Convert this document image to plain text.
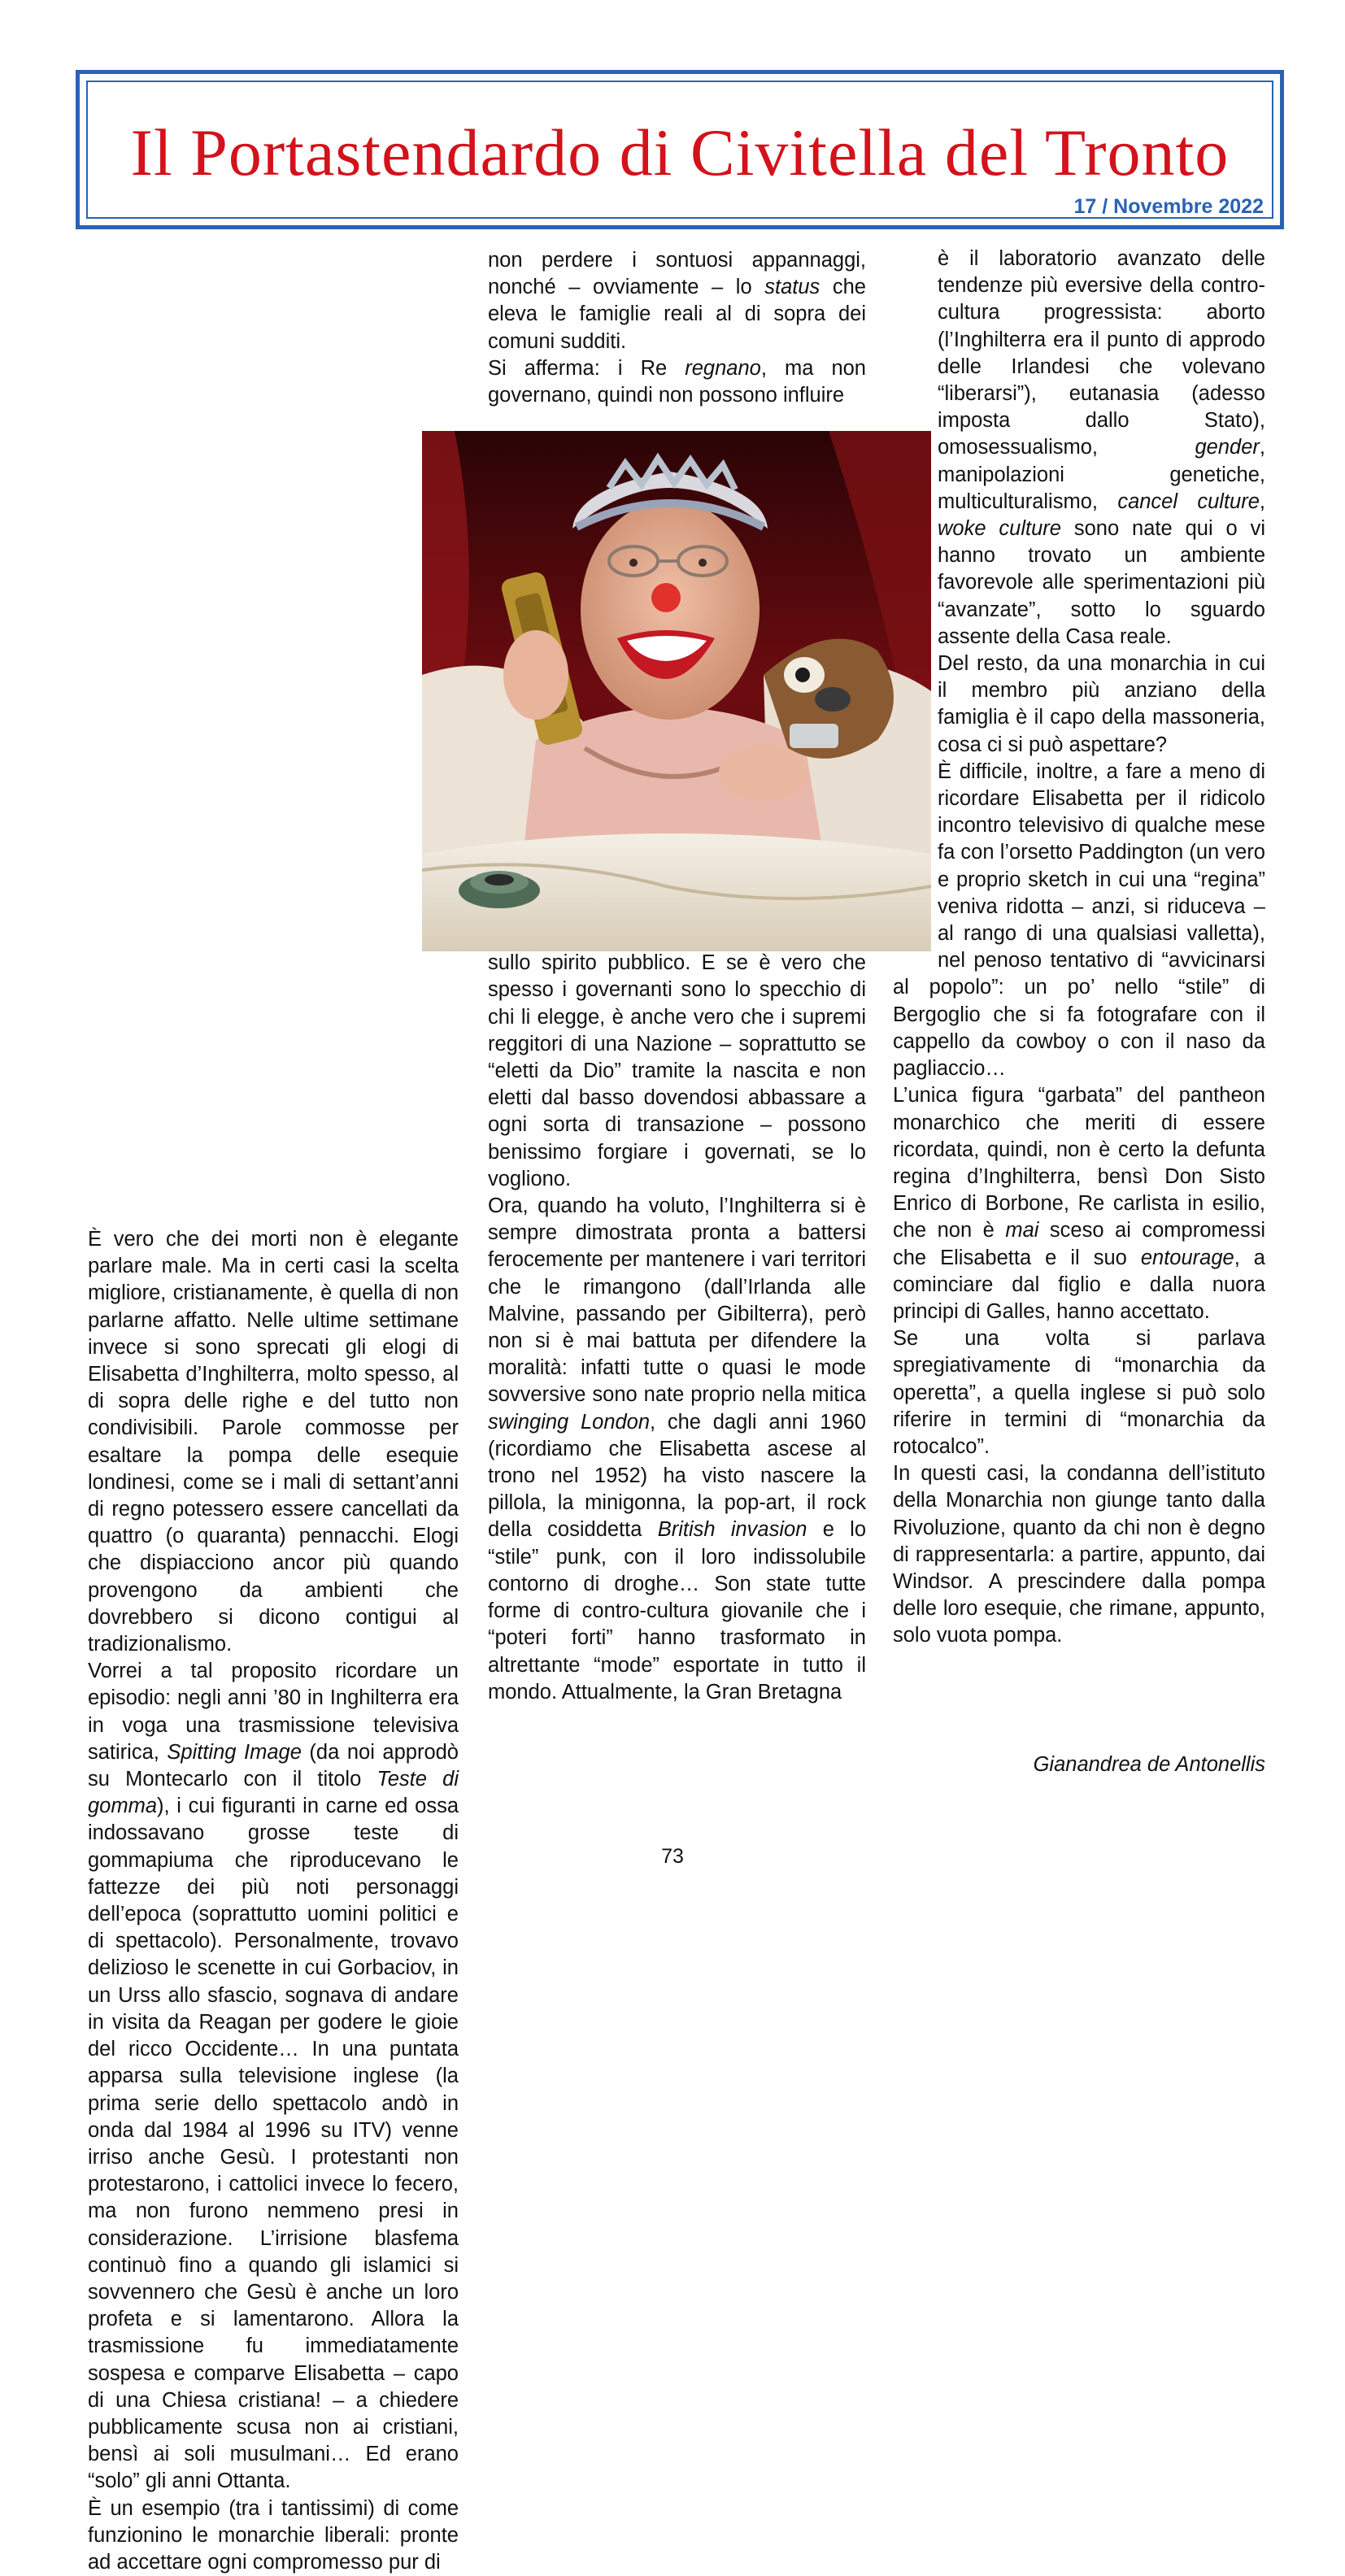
Il Portastendardo di Civitella del Tronto
17 / Novembre 2022

È vero che dei morti non è elegante parlare male. Ma in certi casi la scelta migliore, cristianamente, è quella di non parlarne affatto. Nelle ultime settimane invece si sono sprecati gli elogi di Elisabetta d’Inghilterra, molto spesso, al di sopra delle righe e del tutto non condivisibili. Parole commosse per esaltare la pompa delle esequie londinesi, come se i mali di settant’anni di regno potessero essere cancellati da quattro (o quaranta) pennacchi. Elogi che dispiacciono ancor più quando provengono da ambienti che dovrebbero si dicono contigui al tradizionalismo.

Vorrei a tal proposito ricordare un episodio: negli anni ’80 in Inghilterra era in voga una trasmissione televisiva satirica, Spitting Image (da noi approdò su Montecarlo con il titolo Teste di gomma), i cui figuranti in carne ed ossa indossavano grosse teste di gommapiuma che riproducevano le fattezze dei più noti personaggi dell’epoca (soprattutto uomini politici e di spettacolo). Personalmente, trovavo delizioso le scenette in cui Gorbaciov, in un Urss allo sfascio, sognava di andare in visita da Reagan per godere le gioie del ricco Occidente… In una puntata apparsa sulla televisione inglese (la prima serie dello spettacolo andò in onda dal 1984 al 1996 su ITV) venne irriso anche Gesù. I protestanti non protestarono, i cattolici invece lo fecero, ma non furono nemmeno presi in considerazione. L’irrisione blasfema continuò fino a quando gli islamici si sovvennero che Gesù è anche un loro profeta e si lamentarono. Allora la trasmissione fu immediatamente sospesa e comparve Elisabetta – capo di una Chiesa cristiana! – a chiedere pubblicamente scusa non ai cristiani, bensì ai soli musulmani… Ed erano “solo” gli anni Ottanta.

È un esempio (tra i tantissimi) di come funzionino le monarchie liberali: pronte ad accettare ogni compromesso pur di

non perdere i sontuosi appannaggi, nonché – ovviamente – lo status che eleva le famiglie reali al di sopra dei comuni sudditi.

Si afferma: i Re regnano, ma non governano, quindi non possono influire

sullo spirito pubblico. E se è vero che spesso i governanti sono lo specchio di chi li elegge, è anche vero che i supremi reggitori di una Nazione – soprattutto se “eletti da Dio” tramite la nascita e non eletti dal basso dovendosi abbassare a ogni sorta di transazione – possono benissimo forgiare i governati, se lo vogliono.

Ora, quando ha voluto, l’Inghilterra si è sempre dimostrata pronta a battersi ferocemente per mantenere i vari territori che le rimangono (dall’Irlanda alle Malvine, passando per Gibilterra), però non si è mai battuta per difendere la moralità: infatti tutte o quasi le mode sovversive sono nate proprio nella mitica swinging London, che dagli anni 1960 (ricordiamo che Elisabetta ascese al trono nel 1952) ha visto nascere la pillola, la minigonna, la pop-art, il rock della cosiddetta British invasion e lo “stile” punk, con il loro indissolubile contorno di droghe… Son state tutte forme di contro-cultura giovanile che i “poteri forti” hanno trasformato in altrettante “mode” esportate in tutto il mondo. Attualmente, la Gran Bretagna

è il laboratorio avanzato delle tendenze più eversive della contro-cultura progressista: aborto (l’Inghilterra era il punto di approdo delle Irlandesi che volevano “liberarsi”), eutanasia (adesso imposta dallo Stato), omosessualismo, gender, manipolazioni genetiche, multiculturalismo, cancel culture, woke culture sono nate qui o vi hanno trovato un ambiente favorevole alle sperimentazioni più “avanzate”, sotto lo sguardo assente della Casa reale.

Del resto, da una monarchia in cui il membro più anziano della famiglia è il capo della massoneria, cosa ci si può aspettare?

È difficile, inoltre, a fare a meno di ricordare Elisabetta per il ridicolo incontro televisivo di qualche mese fa con l’orsetto Paddington (un vero e proprio sketch in cui una “regina” veniva ridotta – anzi, si riduceva – al rango di una qualsiasi valletta), nel penoso tentativo di “avvicinarsi al popolo”: un po’ nello “stile” di Bergoglio che si fa fotografare con il cappello da cowboy o con il naso da pagliaccio…

L’unica figura “garbata” del pantheon monarchico che meriti di essere ricordata, quindi, non è certo la defunta regina d’Inghilterra, bensì Don Sisto Enrico di Borbone, Re carlista in esilio, che non è mai sceso ai compromessi che Elisabetta e il suo entourage, a cominciare dal figlio e dalla nuora principi di Galles, hanno accettato.

Se una volta si parlava spregiativamente di “monarchia da operetta”, a quella inglese si può solo riferire in termini di “monarchia da rotocalco”.

In questi casi, la condanna dell’istituto della Monarchia non giunge tanto dalla Rivoluzione, quanto da chi non è degno di rappresentarla: a partire, appunto, dai Windsor. A prescindere dalla pompa delle loro esequie, che rimane, appunto, solo vuota pompa.

Gianandrea de Antonellis
73
